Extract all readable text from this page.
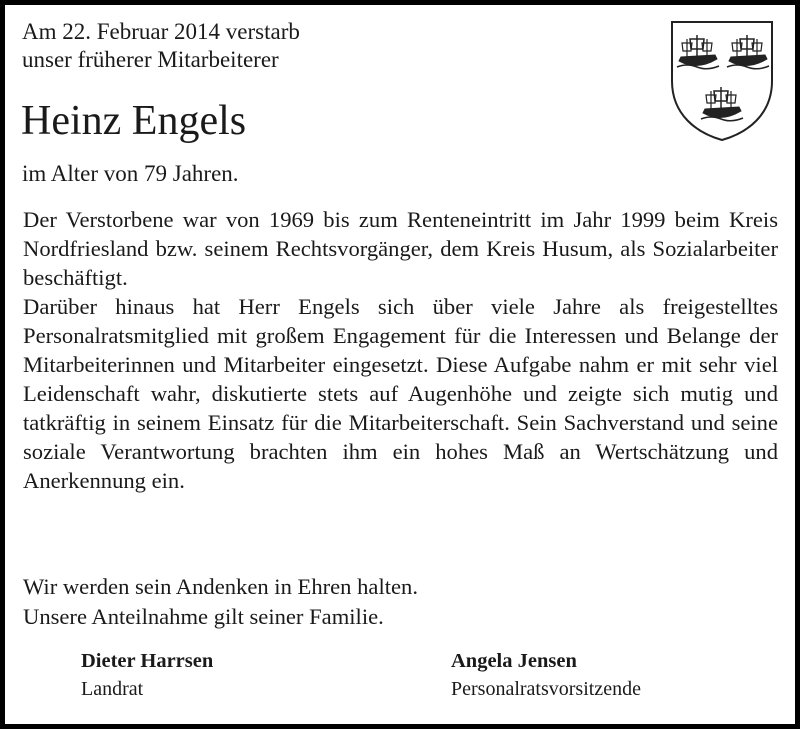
Am 22. Februar 2014 verstarb
unser früherer Mitarbeiterer
Heinz Engels
im Alter von 79 Jahren.

Der Verstorbene war von 1969 bis zum Renteneintritt im Jahr 1999 beim Kreis Nordfriesland bzw. seinem Rechtsvorgänger, dem Kreis Husum, als Sozialarbeiter beschäftigt.

Darüber hinaus hat Herr Engels sich über viele Jahre als freigestelltes Personalratsmitglied mit großem Engagement für die Interessen und Belange der Mitarbeiterinnen und Mitarbeiter eingesetzt. Diese Aufgabe nahm er mit sehr viel Leidenschaft wahr, diskutierte stets auf Augenhöhe und zeigte sich mutig und tatkräftig in seinem Einsatz für die Mitarbeiterschaft. Sein Sachverstand und seine soziale Verantwortung brachten ihm ein hohes Maß an Wertschätzung und Anerkennung ein.

Wir werden sein Andenken in Ehren halten.

Unsere Anteilnahme gilt seiner Familie.

Dieter Harrsen
Landrat
Angela Jensen
Personalratsvorsitzende
